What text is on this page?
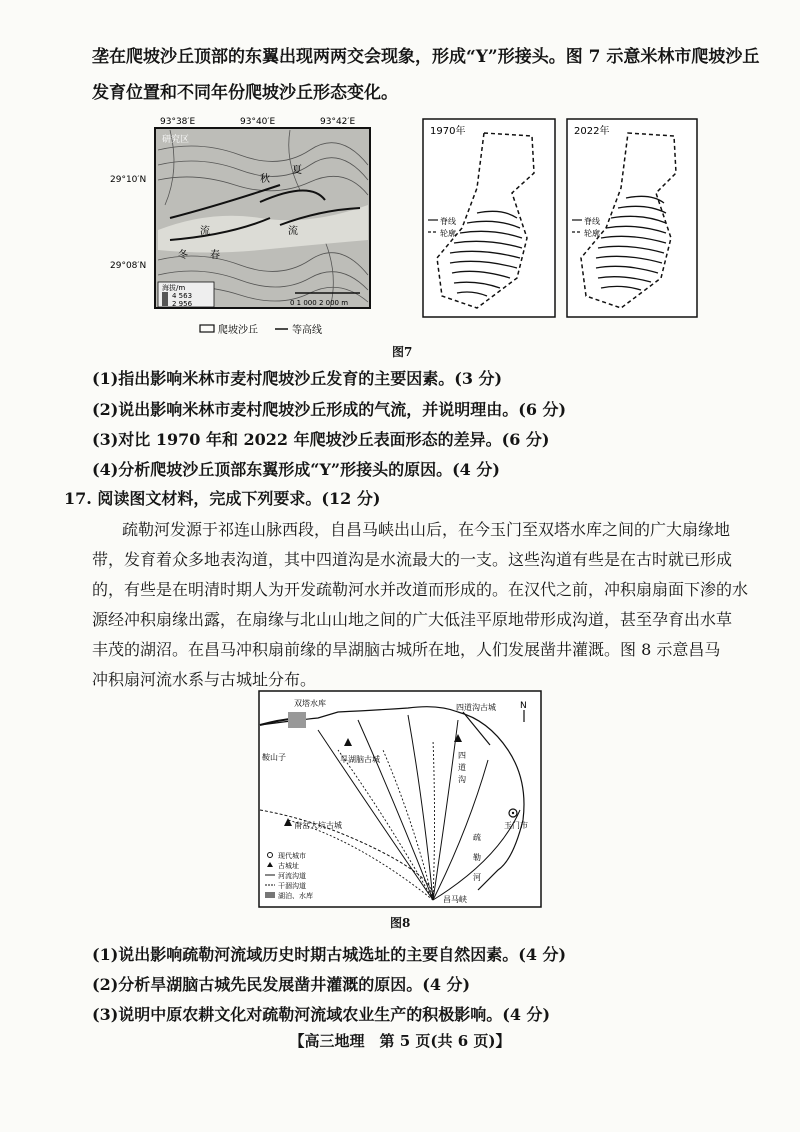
垄在爬坡沙丘顶部的东翼出现两两交会现象，形成“Y”形接头。图 7 示意米林市爬坡沙丘
发育位置和不同年份爬坡沙丘形态变化。
93°38′E	93°40′E	93°42′E
29°10′N
29°08′N
研究区
秋
夏
冬 春
流	流
海拔/m
4 563
2 956	0 1 000 2 000 m
爬坡沙丘	等高线
1970年
脊线
轮廓
2022年
脊线
轮廓
图7
(1)指出影响米林市麦村爬坡沙丘发育的主要因素。(3 分)
(2)说出影响米林市麦村爬坡沙丘形成的气流，并说明理由。(6 分)
(3)对比 1970 年和 2022 年爬坡沙丘表面形态的差异。(6 分)
(4)分析爬坡沙丘顶部东翼形成“Y”形接头的原因。(4 分)
17. 阅读图文材料，完成下列要求。(12 分)
疏勒河发源于祁连山脉西段，自昌马峡出山后，在今玉门至双塔水库之间的广大扇缘地
带，发育着众多地表沟道，其中四道沟是水流最大的一支。这些沟道有些是在古时就已形成
的，有些是在明清时期人为开发疏勒河水并改道而形成的。在汉代之前，冲积扇扇面下渗的水
源经冲积扇缘出露，在扇缘与北山山地之间的广大低洼平原地带形成沟道，甚至孕育出水草
丰茂的湖沼。在昌马冲积扇前缘的旱湖脑古城所在地，人们发展凿井灌溉。图 8 示意昌马
冲积扇河流水系与古城址分布。
双塔水库
鞍山子
四道沟古城
旱湖脑古城	四
道
沟
南岔大坑古城	玉门市
疏
勒
河
昌马峡
N
现代城市
古城址
河流沟道
干涸沟道
湖泊、水库
图8
(1)说出影响疏勒河流域历史时期古城选址的主要自然因素。(4 分)
(2)分析旱湖脑古城先民发展凿井灌溉的原因。(4 分)
(3)说明中原农耕文化对疏勒河流域农业生产的积极影响。(4 分)
【高三地理　第 5 页(共 6 页)】
